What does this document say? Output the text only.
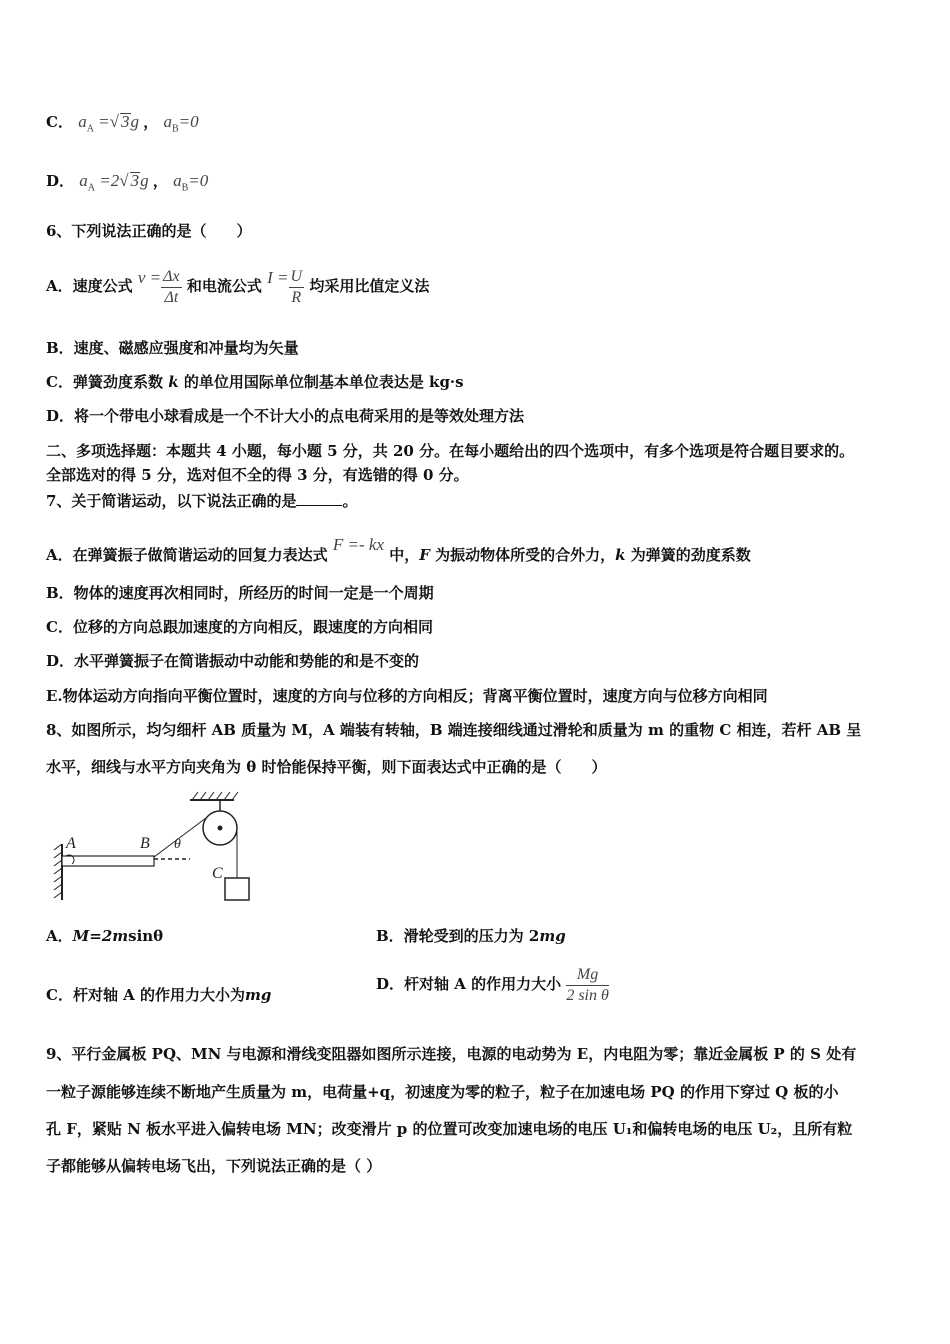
C． $a_A$ =√ 3g ， $a_B=0$
D． $a_A =2√$ 3g ， $a_B=0$
6、下列说法正确的是（　　）
A．速度公式 $v = \frac{\Delta x}{\Delta t}$ 和电流公式 $I = \frac{U}{R}$ 均采用比值定义法
B．速度、磁感应强度和冲量均为矢量
C．弹簧劲度系数 k 的单位用国际单位制基本单位表达是 kg·s
D．将一个带电小球看成是一个不计大小的点电荷采用的是等效处理方法
二、多项选择题：本题共 4 小题，每小题 5 分，共 20 分。在每小题给出的四个选项中，有多个选项是符合题目要求的。
全部选对的得 5 分，选对但不全的得 3 分，有选错的得 0 分。
7、关于简谐运动，以下说法正确的是	。
A．在弹簧振子做简谐运动的回复力表达式 F =- kx 中，F 为振动物体所受的合外力，k 为弹簧的劲度系数
B．物体的速度再次相同时，所经历的时间一定是一个周期
C．位移的方向总跟加速度的方向相反，跟速度的方向相同
D．水平弹簧振子在简谐振动中动能和势能的和是不变的
E.物体运动方向指向平衡位置时，速度的方向与位移的方向相反；背离平衡位置时，速度方向与位移方向相同
8、如图所示，均匀细杆 AB 质量为 M，A 端装有转轴，B 端连接细线通过滑轮和质量为 m 的重物 C 相连，若杆 AB 呈
水平，细线与水平方向夹角为 θ 时恰能保持平衡，则下面表达式中正确的是（　　）
A	B θ
C
A．M=2msinθ	B．滑轮受到的压力为 2mg
C．杆对轴 A 的作用力大小为mg
D．杆对轴 A 的作用力大小 $\frac{Mg}{\text{2 sin θ}}$
9、平行金属板 PQ、MN 与电源和滑线变阻器如图所示连接，电源的电动势为 E，内电阻为零；靠近金属板 P 的 S 处有
一粒子源能够连续不断地产生质量为 m，电荷量+q，初速度为零的粒子，粒子在加速电场 PQ 的作用下穿过 Q 板的小
孔 F，紧贴 N 板水平进入偏转电场 MN；改变滑片 p 的位置可改变加速电场的电压 U₁和偏转电场的电压 U₂，且所有粒
子都能够从偏转电场飞出，下列说法正确的是（ ）
